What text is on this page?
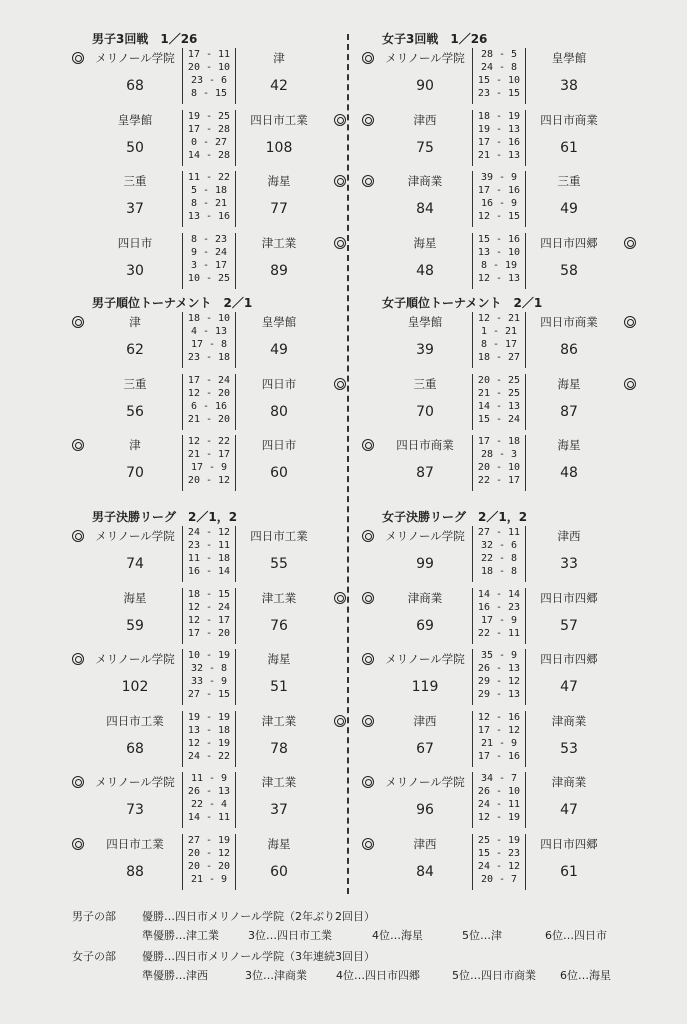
男子3回戦　1／26
メリノール学院	津
68	42
17 - 11
20 - 10
23 - 6
8 - 15
皇學館	四日市工業
50	108
19 - 25
17 - 28
0 - 27
14 - 28
三重	海星
37	77
11 - 22
5 - 18
8 - 21
13 - 16
四日市	津工業
30	89
8 - 23
9 - 24
3 - 17
10 - 25
男子順位トーナメント　2／1
津	皇學館
62	49
18 - 10
4 - 13
17 - 8
23 - 18
三重	四日市
56	80
17 - 24
12 - 20
6 - 16
21 - 20
津	四日市
70	60
12 - 22
21 - 17
17 - 9
20 - 12
男子決勝リーグ　2／1，2
メリノール学院	四日市工業
74	55
24 - 12
23 - 11
11 - 18
16 - 14
海星	津工業
59	76
18 - 15
12 - 24
12 - 17
17 - 20
メリノール学院	海星
102	51
10 - 19
32 - 8
33 - 9
27 - 15
四日市工業	津工業
68	78
19 - 19
13 - 18
12 - 19
24 - 22
メリノール学院	津工業
73	37
11 - 9
26 - 13
22 - 4
14 - 11
四日市工業	海星
88	60
27 - 19
20 - 12
20 - 20
21 - 9
女子3回戦　1／26
メリノール学院	皇學館
90	38
28 - 5
24 - 8
15 - 10
23 - 15
津西	四日市商業
75	61
18 - 19
19 - 13
17 - 16
21 - 13
津商業	三重
84	49
39 - 9
17 - 16
16 - 9
12 - 15
海星	四日市四郷
48	58
15 - 16
13 - 10
8 - 19
12 - 13
女子順位トーナメント　2／1
皇學館	四日市商業
39	86
12 - 21
1 - 21
8 - 17
18 - 27
三重	海星
70	87
20 - 25
21 - 25
14 - 13
15 - 24
四日市商業	海星
87	48
17 - 18
28 - 3
20 - 10
22 - 17
女子決勝リーグ　2／1，2
メリノール学院	津西
99	33
27 - 11
32 - 6
22 - 8
18 - 8
津商業	四日市四郷
69	57
14 - 14
16 - 23
17 - 9
22 - 11
メリノール学院	四日市四郷
119	47
35 - 9
26 - 13
29 - 12
29 - 13
津西	津商業
67	53
12 - 16
17 - 12
21 - 9
17 - 16
メリノール学院	津商業
96	47
34 - 7
26 - 10
24 - 11
12 - 19
津西	四日市四郷
84	61
25 - 19
15 - 23
24 - 12
20 - 7
男子の部 優勝…四日市メリノール学院（2年ぶり2回目）
準優勝…津工業	3位…四日市工業	4位…海星	5位…津	6位…四日市
女子の部 優勝…四日市メリノール学院（3年連続3回目）
準優勝…津西	3位…津商業	4位…四日市四郷	5位…四日市商業 6位…海星
